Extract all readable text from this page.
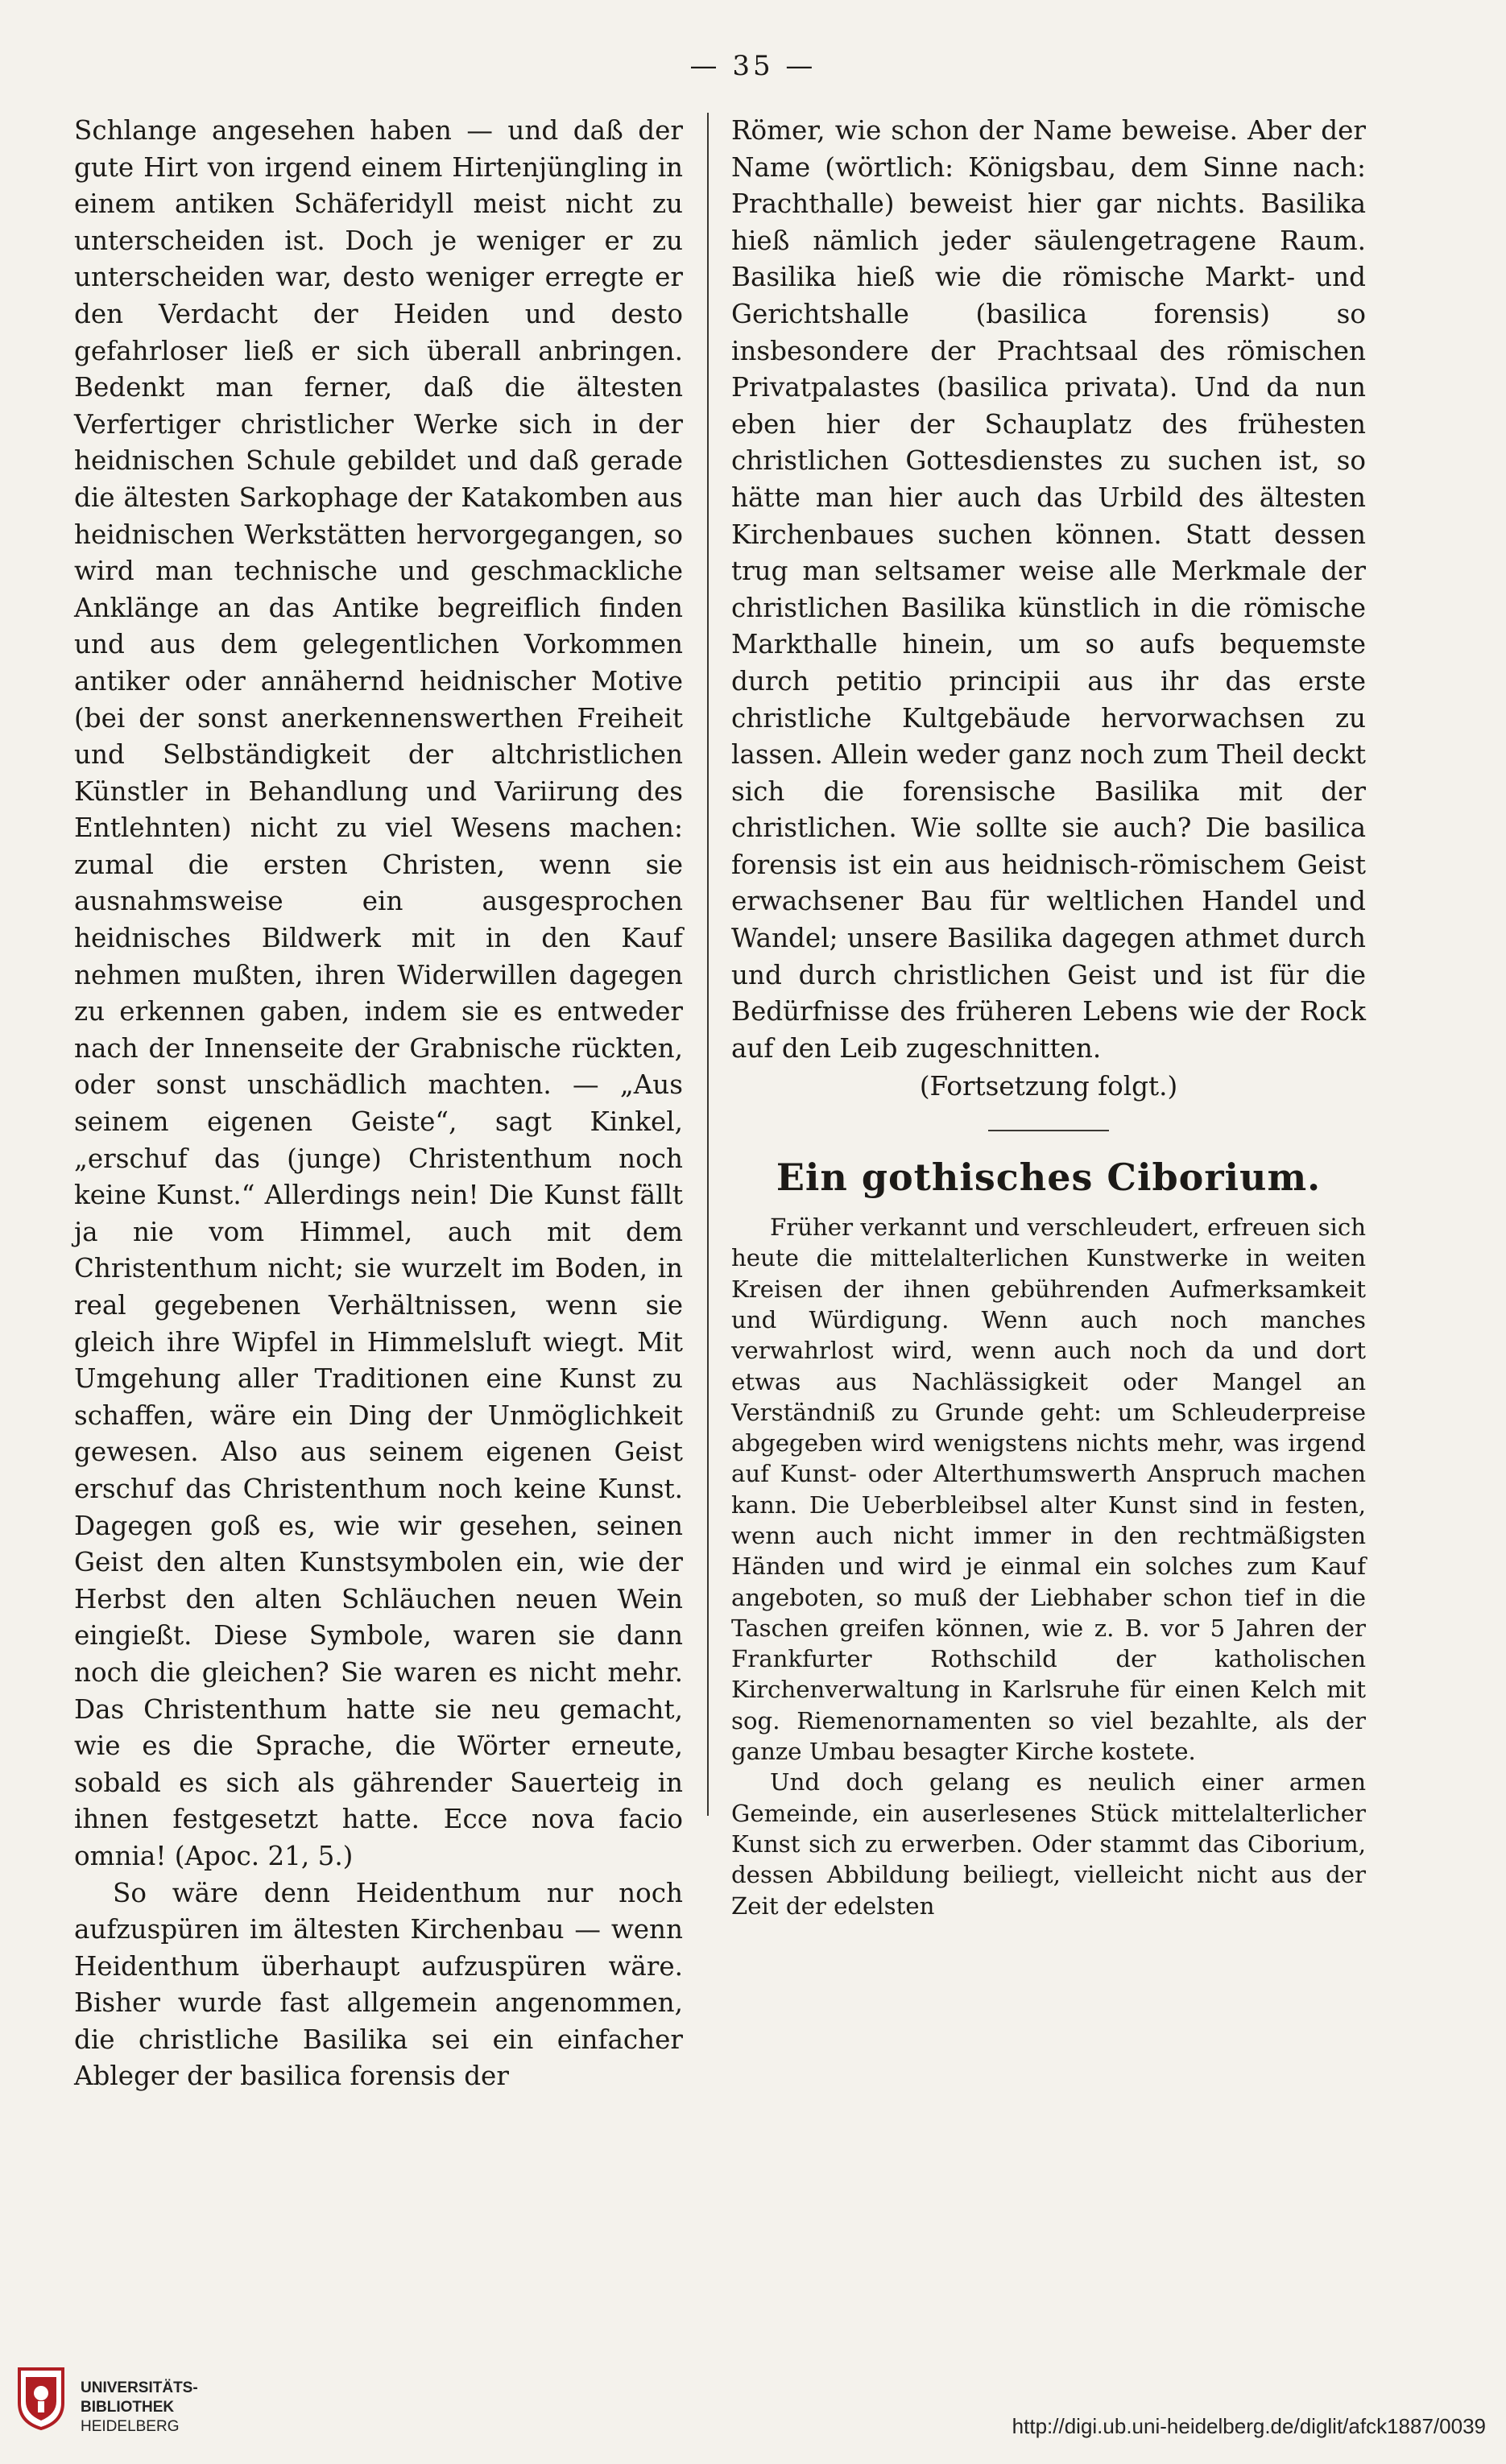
— 35 —

Schlange angesehen haben — und daß der gute Hirt von irgend einem Hirtenjüngling in einem antiken Schäferidyll meist nicht zu unterscheiden ist. Doch je weniger er zu unterscheiden war, desto weniger erregte er den Verdacht der Heiden und desto gefahrloser ließ er sich überall anbringen. Bedenkt man ferner, daß die ältesten Verfertiger christlicher Werke sich in der heidnischen Schule gebildet und daß gerade die ältesten Sarkophage der Katakomben aus heidnischen Werkstätten hervorgegangen, so wird man technische und geschmackliche Anklänge an das Antike begreiflich finden und aus dem gelegentlichen Vorkommen antiker oder annähernd heidnischer Motive (bei der sonst anerkennenswerthen Freiheit und Selbständigkeit der altchristlichen Künstler in Behandlung und Variirung des Entlehnten) nicht zu viel Wesens machen: zumal die ersten Christen, wenn sie ausnahmsweise ein ausgesprochen heidnisches Bildwerk mit in den Kauf nehmen mußten, ihren Widerwillen dagegen zu erkennen gaben, indem sie es entweder nach der Innenseite der Grabnische rückten, oder sonst unschädlich machten. — „Aus seinem eigenen Geiste“, sagt Kinkel, „erschuf das (junge) Christenthum noch keine Kunst.“ Allerdings nein! Die Kunst fällt ja nie vom Himmel, auch mit dem Christenthum nicht; sie wurzelt im Boden, in real gegebenen Verhältnissen, wenn sie gleich ihre Wipfel in Himmelsluft wiegt. Mit Umgehung aller Traditionen eine Kunst zu schaffen, wäre ein Ding der Unmöglichkeit gewesen. Also aus seinem eigenen Geist erschuf das Christenthum noch keine Kunst. Dagegen goß es, wie wir gesehen, seinen Geist den alten Kunstsymbolen ein, wie der Herbst den alten Schläuchen neuen Wein eingießt. Diese Symbole, waren sie dann noch die gleichen? Sie waren es nicht mehr. Das Christenthum hatte sie neu gemacht, wie es die Sprache, die Wörter erneute, sobald es sich als gährender Sauerteig in ihnen festgesetzt hatte. Ecce nova facio omnia! (Apoc. 21, 5.)

So wäre denn Heidenthum nur noch aufzuspüren im ältesten Kirchenbau — wenn Heidenthum überhaupt aufzuspüren wäre. Bisher wurde fast allgemein angenommen, die christliche Basilika sei ein einfacher Ableger der basilica forensis der

Römer, wie schon der Name beweise. Aber der Name (wörtlich: Königsbau, dem Sinne nach: Prachthalle) beweist hier gar nichts. Basilika hieß nämlich jeder säulengetragene Raum. Basilika hieß wie die römische Markt- und Gerichtshalle (basilica forensis) so insbesondere der Prachtsaal des römischen Privatpalastes (basilica privata). Und da nun eben hier der Schauplatz des frühesten christlichen Gottesdienstes zu suchen ist, so hätte man hier auch das Urbild des ältesten Kirchenbaues suchen können. Statt dessen trug man seltsamer weise alle Merkmale der christlichen Basilika künstlich in die römische Markthalle hinein, um so aufs bequemste durch petitio principii aus ihr das erste christliche Kultgebäude hervorwachsen zu lassen. Allein weder ganz noch zum Theil deckt sich die forensische Basilika mit der christlichen. Wie sollte sie auch? Die basilica forensis ist ein aus heidnisch-römischem Geist erwachsener Bau für weltlichen Handel und Wandel; unsere Basilika dagegen athmet durch und durch christlichen Geist und ist für die Bedürfnisse des früheren Lebens wie der Rock auf den Leib zugeschnitten.

(Fortsetzung folgt.)

Ein gothisches Ciborium.

Früher verkannt und verschleudert, erfreuen sich heute die mittelalterlichen Kunstwerke in weiten Kreisen der ihnen gebührenden Aufmerksamkeit und Würdigung. Wenn auch noch manches verwahrlost wird, wenn auch noch da und dort etwas aus Nachlässigkeit oder Mangel an Verständniß zu Grunde geht: um Schleuderpreise abgegeben wird wenigstens nichts mehr, was irgend auf Kunst- oder Alterthumswerth Anspruch machen kann. Die Ueberbleibsel alter Kunst sind in festen, wenn auch nicht immer in den rechtmäßigsten Händen und wird je einmal ein solches zum Kauf angeboten, so muß der Liebhaber schon tief in die Taschen greifen können, wie z. B. vor 5 Jahren der Frankfurter Rothschild der katholischen Kirchenverwaltung in Karlsruhe für einen Kelch mit sog. Riemenornamenten so viel bezahlte, als der ganze Umbau besagter Kirche kostete.

Und doch gelang es neulich einer armen Gemeinde, ein auserlesenes Stück mittelalterlicher Kunst sich zu erwerben. Oder stammt das Ciborium, dessen Abbildung beiliegt, vielleicht nicht aus der Zeit der edelsten

UNIVERSITÄTS-
BIBLIOTHEK
HEIDELBERG	http://digi.ub.uni-heidelberg.de/diglit/afck1887/0039
